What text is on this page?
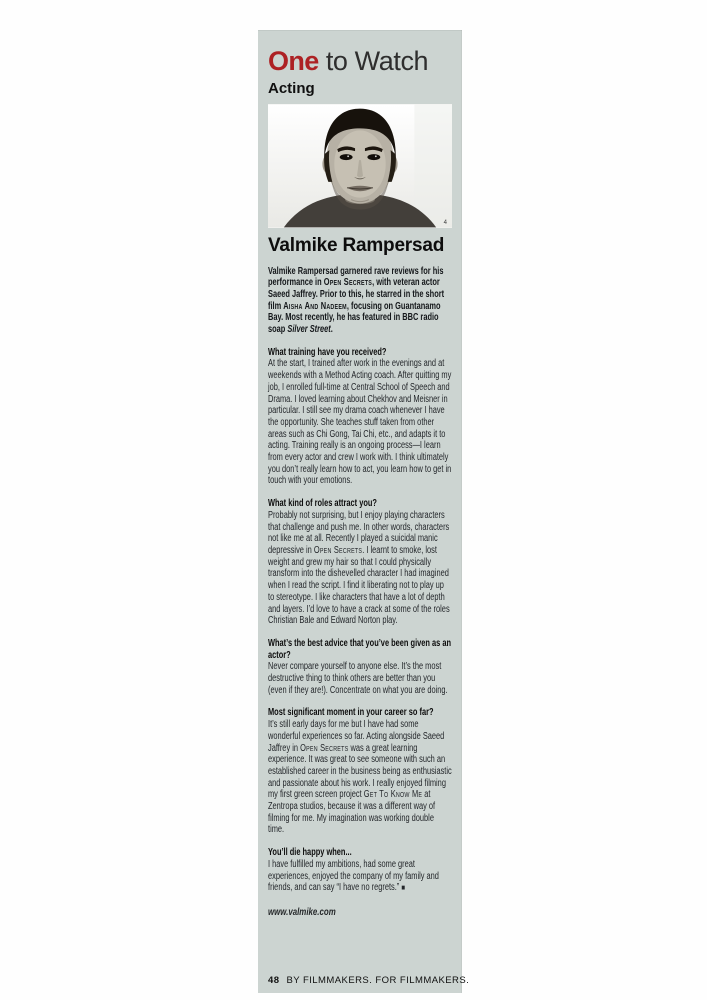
One to Watch
Acting
4
Valmike Rampersad

Valmike Rampersad garnered rave reviews for his performance in Open Secrets, with veteran actor Saeed Jaffrey. Prior to this, he starred in the short film Aisha And Nadeem, focusing on Guantanamo Bay. Most recently, he has featured in BBC radio soap Silver Street.

What training have you received?

At the start, I trained after work in the evenings and at weekends with a Method Acting coach. After quitting my job, I enrolled full-time at Central School of Speech and Drama. I loved learning about Chekhov and Meisner in particular. I still see my drama coach whenever I have the opportunity. She teaches stuff taken from other areas such as Chi Gong, Tai Chi, etc., and adapts it to acting. Training really is an ongoing process—I learn from every actor and crew I work with. I think ultimately you don’t really learn how to act, you learn how to get in touch with your emotions.

What kind of roles attract you?

Probably not surprising, but I enjoy playing characters that challenge and push me. In other words, characters not like me at all. Recently I played a suicidal manic depressive in Open Secrets. I learnt to smoke, lost weight and grew my hair so that I could physically transform into the dishevelled character I had imagined when I read the script. I find it liberating not to play up to stereotype. I like characters that have a lot of depth and layers. I’d love to have a crack at some of the roles Christian Bale and Edward Norton play.

What’s the best advice that you’ve been given as an actor?

Never compare yourself to anyone else. It’s the most destructive thing to think others are better than you (even if they are!). Concentrate on what you are doing.

Most significant moment in your career so far?

It’s still early days for me but I have had some wonderful experiences so far. Acting alongside Saeed Jaffrey in Open Secrets was a great learning experience. It was great to see someone with such an established career in the business being as enthusiastic and passionate about his work. I really enjoyed filming my first green screen project Get To Know Me at Zentropa studios, because it was a different way of filming for me. My imagination was working double time.

You’ll die happy when...

I have fulfilled my ambitions, had some great experiences, enjoyed the company of my family and friends, and can say “I have no regrets.” ■

www.valmike.com
48 BY FILMMAKERS. FOR FILMMAKERS.
